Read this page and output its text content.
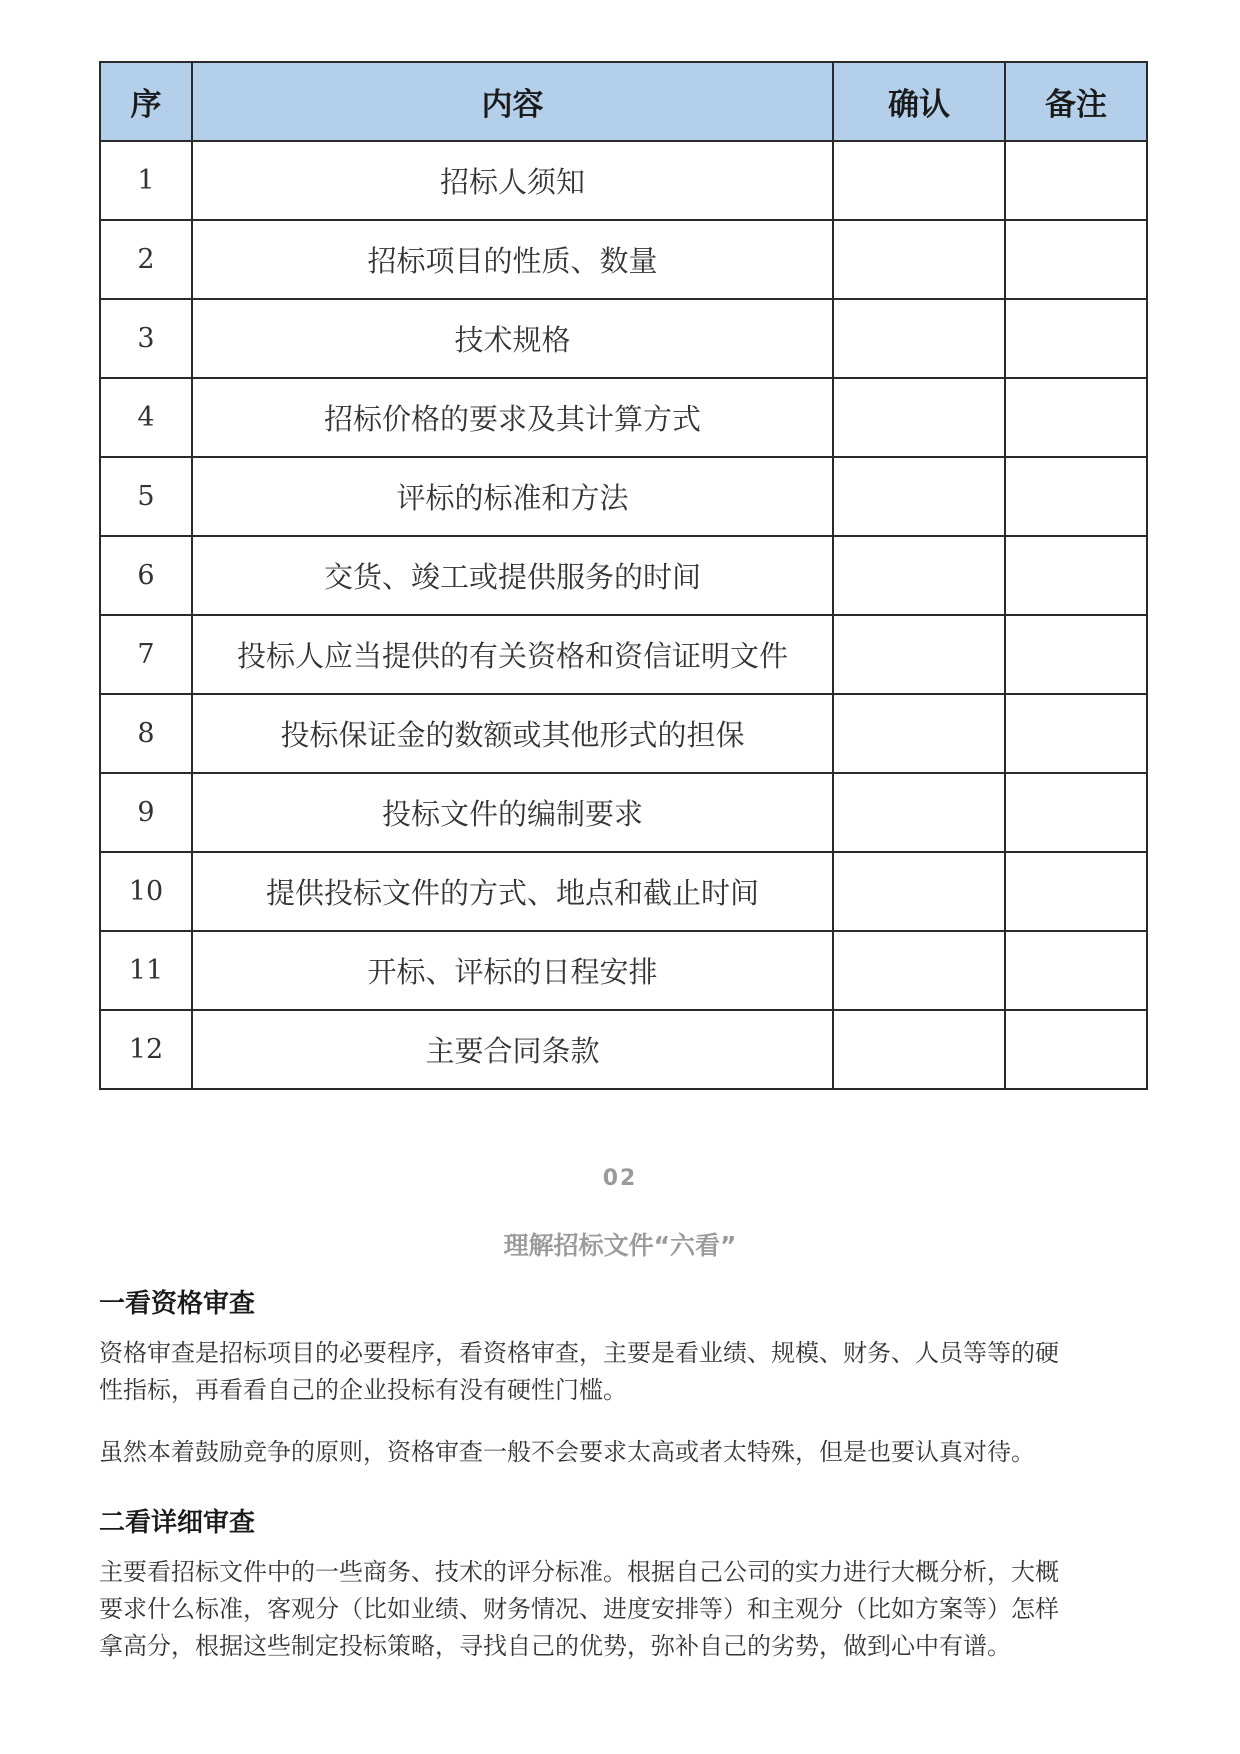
序	内容	确认	备注
1	招标人须知		
2	招标项目的性质、数量		
3	技术规格		
4	招标价格的要求及其计算方式		
5	评标的标准和方法		
6	交货、竣工或提供服务的时间		
7	投标人应当提供的有关资格和资信证明文件		
8	投标保证金的数额或其他形式的担保		
9	投标文件的编制要求		
10	提供投标文件的方式、地点和截止时间		
11	开标、评标的日程安排		
12	主要合同条款		
02
理解招标文件“六看”
一看资格审查
资格审查是招标项目的必要程序，看资格审查，主要是看业绩、规模、财务、人员等等的硬
性指标，再看看自己的企业投标有没有硬性门槛。
虽然本着鼓励竞争的原则，资格审查一般不会要求太高或者太特殊，但是也要认真对待。
二看详细审查
主要看招标文件中的一些商务、技术的评分标准。根据自己公司的实力进行大概分析，大概
要求什么标准，客观分（比如业绩、财务情况、进度安排等）和主观分（比如方案等）怎样
拿高分，根据这些制定投标策略，寻找自己的优势，弥补自己的劣势，做到心中有谱。
